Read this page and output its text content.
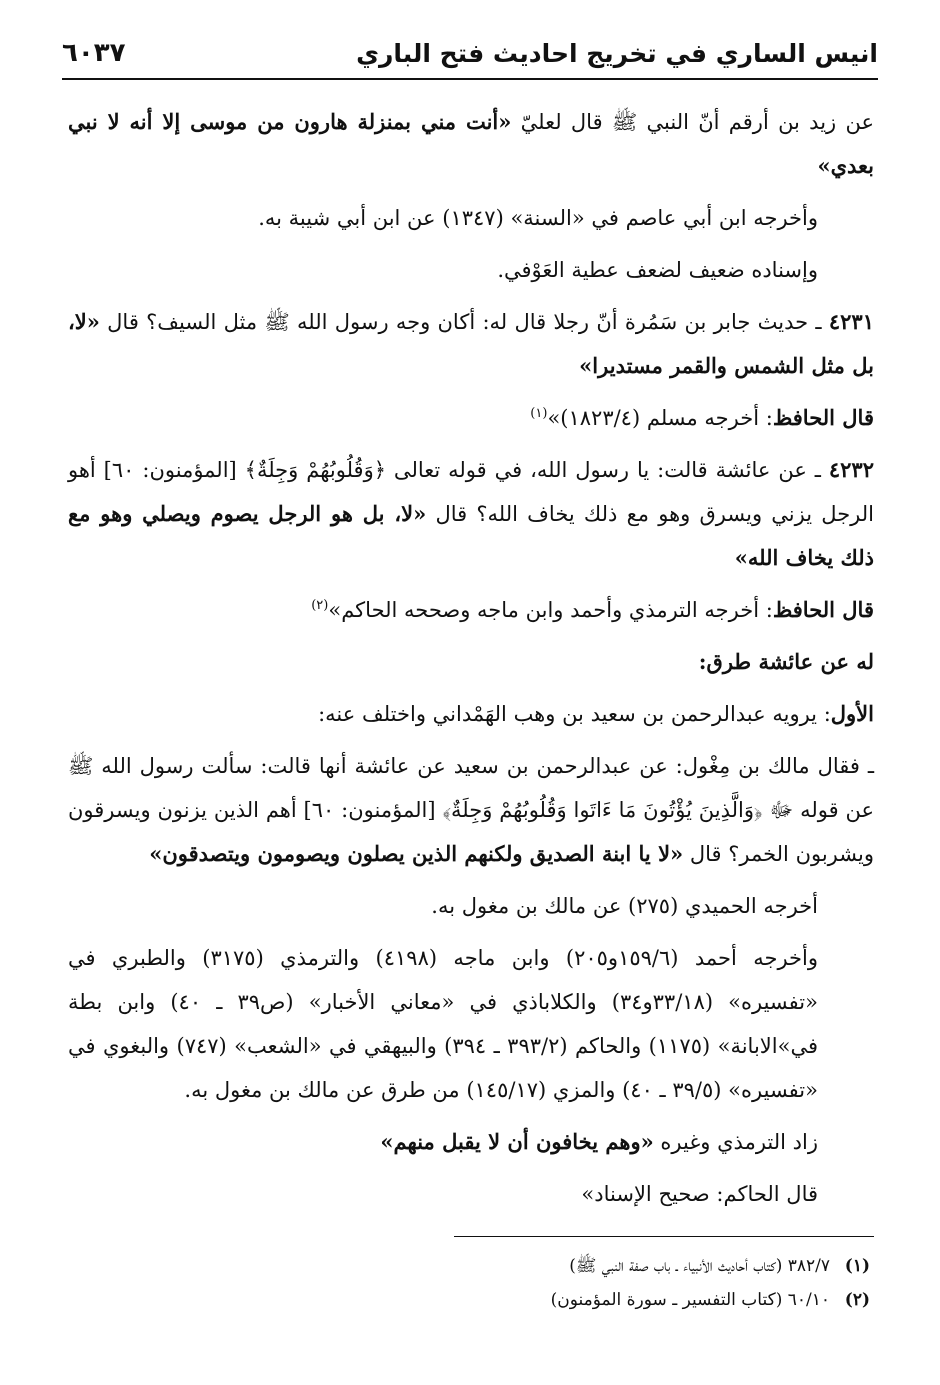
انيس الساري في تخريج احاديث فتح الباري
٦٠٣٧

عن زيد بن أرقم أنّ النبي ﷺ قال لعليّ «أنت مني بمنزلة هارون من موسى إلا أنه لا نبي بعدي»

وأخرجه ابن أبي عاصم في «السنة» (١٣٤٧) عن ابن أبي شيبة به.

وإسناده ضعيف لضعف عطية العَوْفي.

٤٢٣١ ـ حديث جابر بن سَمُرة أنّ رجلا قال له: أكان وجه رسول الله ﷺ مثل السيف؟ قال «لا، بل مثل الشمس والقمر مستديرا»

قال الحافظ: أخرجه مسلم (١٨٢٣/٤)»$^{(١)}$

٤٢٣٢ ـ عن عائشة قالت: يا رسول الله، في قوله تعالى ﴿وَقُلُوبُهُمْ وَجِلَةٌ﴾ [المؤمنون: ٦٠] أهو الرجل يزني ويسرق وهو مع ذلك يخاف الله؟ قال «لا، بل هو الرجل يصوم ويصلي وهو مع ذلك يخاف الله»

قال الحافظ: أخرجه الترمذي وأحمد وابن ماجه وصححه الحاكم»$^{(٢)}$

له عن عائشة طرق:

الأول: يرويه عبدالرحمن بن سعيد بن وهب الهَمْداني واختلف عنه:

ـ فقال مالك بن مِغْول: عن عبدالرحمن بن سعيد عن عائشة أنها قالت: سألت رسول الله ﷺ عن قوله ﷻ ﴿وَالَّذِينَ يُؤْتُونَ مَا ءَاتَوا وَقُلُوبُهُمْ وَجِلَةٌ﴾ [المؤمنون: ٦٠] أهم الذين يزنون ويسرقون ويشربون الخمر؟ قال «لا يا ابنة الصديق ولكنهم الذين يصلون ويصومون ويتصدقون»

أخرجه الحميدي (٢٧٥) عن مالك بن مغول به.

وأخرجه أحمد (١٥٩/٦و٢٠٥) وابن ماجه (٤١٩٨) والترمذي (٣١٧٥) والطبري في «تفسيره» (٣٣/١٨و٣٤) والكلاباذي في «معاني الأخبار» (ص٣٩ ـ ٤٠) وابن بطة في»الابانة» (١١٧٥) والحاكم (٣٩٣/٢ ـ ٣٩٤) والبيهقي في «الشعب» (٧٤٧) والبغوي في «تفسيره» (٣٩/٥ ـ ٤٠) والمزي (١٤٥/١٧) من طرق عن مالك بن مغول به.

زاد الترمذي وغيره «وهم يخافون أن لا يقبل منهم»

قال الحاكم: صحيح الإسناد»

(١)٣٨٢/٧ (كتاب أحاديث الأنبياء ـ باب صفة النبي ﷺ)
(٢)٦٠/١٠ (كتاب التفسير ـ سورة المؤمنون)
